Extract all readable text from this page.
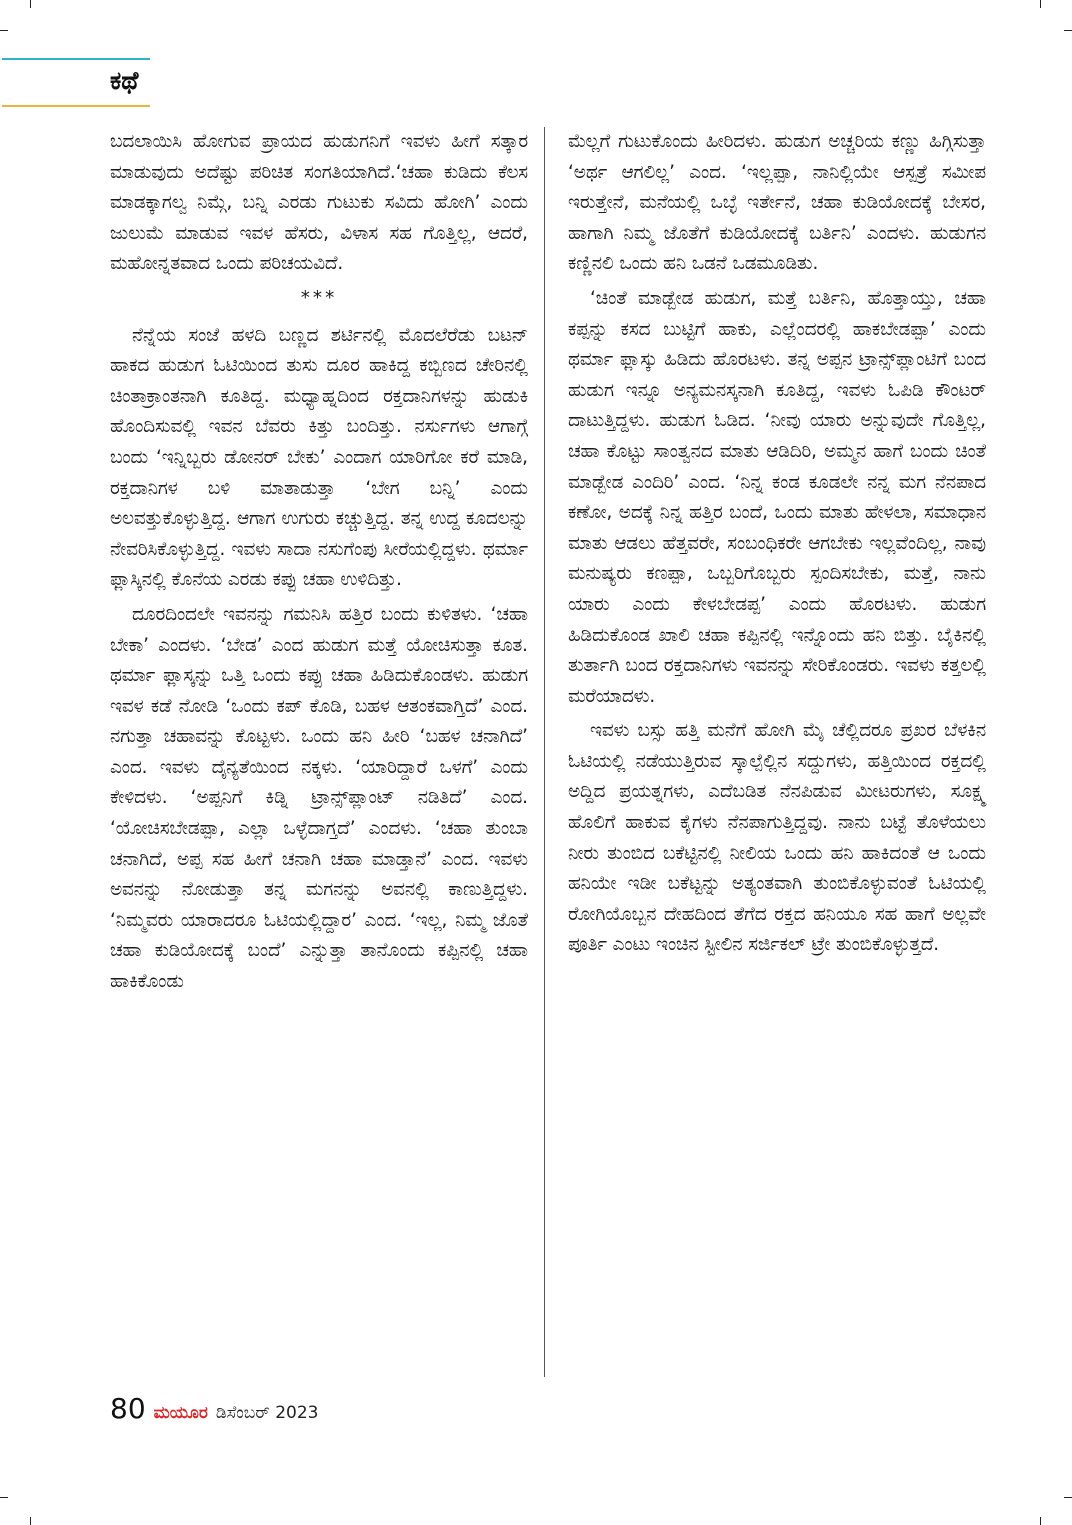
ಕಥೆ

ಬದಲಾಯಿಸಿ ಹೋಗುವ ಪ್ರಾಯದ ಹುಡುಗನಿಗೆ ಇವಳು ಹೀಗೆ ಸತ್ಕಾರ ಮಾಡುವುದು ಅದೆಷ್ಟು ಪರಿಚಿತ ಸಂಗತಿಯಾಗಿದೆ.‘ಚಹಾ ಕುಡಿದು ಕೆಲಸ ಮಾಡಕ್ಕಾಗಲ್ವ ನಿಮ್ಗೆ, ಬನ್ನಿ ಎರಡು ಗುಟುಕು ಸವಿದು ಹೋಗಿ’ ಎಂದು ಜುಲುಮೆ ಮಾಡುವ ಇವಳ ಹೆಸರು, ವಿಳಾಸ ಸಹ ಗೊತ್ತಿಲ್ಲ, ಆದರೆ, ಮಹೋನ್ನತವಾದ ಒಂದು ಪರಿಚಯವಿದೆ.

***

ನೆನ್ನೆಯ ಸಂಜೆ ಹಳದಿ ಬಣ್ಣದ ಶರ್ಟಿನಲ್ಲಿ ಮೊದಲೆರೆಡು ಬಟನ್ ಹಾಕದ ಹುಡುಗ ಓಟಿಯಿಂದ ತುಸು ದೂರ ಹಾಕಿದ್ದ ಕಬ್ಬಿಣದ ಚೇರಿನಲ್ಲಿ ಚಿಂತಾಕ್ರಾಂತನಾಗಿ ಕೂತಿದ್ದ. ಮಧ್ಯಾಹ್ನದಿಂದ ರಕ್ತದಾನಿಗಳನ್ನು ಹುಡುಕಿ ಹೊಂದಿಸುವಲ್ಲಿ ಇವನ ಬೆವರು ಕಿತ್ತು ಬಂದಿತ್ತು. ನರ್ಸುಗಳು ಆಗಾಗ್ಗೆ ಬಂದು ‘ಇನ್ನಿಬ್ಬರು ಡೋನರ್ ಬೇಕು’ ಎಂದಾಗ ಯಾರಿಗೋ ಕರೆ ಮಾಡಿ, ರಕ್ತದಾನಿಗಳ ಬಳಿ ಮಾತಾಡುತ್ತಾ ‘ಬೇಗ ಬನ್ನಿ’ ಎಂದು ಅಲವತ್ತುಕೊಳ್ಳುತ್ತಿದ್ದ. ಆಗಾಗ ಉಗುರು ಕಚ್ಚುತ್ತಿದ್ದ. ತನ್ನ ಉದ್ದ ಕೂದಲನ್ನು ನೇವರಿಸಿಕೊಳ್ಳುತ್ತಿದ್ದ. ಇವಳು ಸಾದಾ ನಸುಗೆಂಪು ಸೀರೆಯಲ್ಲಿದ್ದಳು. ಥರ್ಮಾ ಫ್ಲಾಸ್ಕಿನಲ್ಲಿ ಕೊನೆಯ ಎರಡು ಕಪ್ಪು ಚಹಾ ಉಳಿದಿತ್ತು.

ದೂರದಿಂದಲೇ ಇವನನ್ನು ಗಮನಿಸಿ ಹತ್ತಿರ ಬಂದು ಕುಳಿತಳು. ‘ಚಹಾ ಬೇಕಾ’ ಎಂದಳು. ‘ಬೇಡ’ ಎಂದ ಹುಡುಗ ಮತ್ತೆ ಯೋಚಿಸುತ್ತಾ ಕೂತ. ಥರ್ಮಾ ಫ್ಲಾಸ್ಕನ್ನು ಒತ್ತಿ ಒಂದು ಕಪ್ಪು ಚಹಾ ಹಿಡಿದುಕೊಂಡಳು. ಹುಡುಗ ಇವಳ ಕಡೆ ನೋಡಿ ‘ಒಂದು ಕಪ್ ಕೊಡಿ, ಬಹಳ ಆತಂಕವಾಗ್ತಿದೆ’ ಎಂದ. ನಗುತ್ತಾ ಚಹಾವನ್ನು ಕೊಟ್ಟಳು. ಒಂದು ಹನಿ ಹೀರಿ ‘ಬಹಳ ಚನಾಗಿದೆ’ ಎಂದ. ಇವಳು ದೈನ್ಯತೆಯಿಂದ ನಕ್ಕಳು. ‘ಯಾರಿದ್ದಾರೆ ಒಳಗೆ’ ಎಂದು ಕೇಳಿದಳು. ‘ಅಪ್ಪನಿಗೆ ಕಿಡ್ನಿ ಟ್ರಾನ್ಸ್‌ಪ್ಲಾಂಟ್ ನಡಿತಿದೆ’ ಎಂದ. ‘ಯೋಚಿಸಬೇಡಪ್ಪಾ, ಎಲ್ಲಾ ಒಳ್ಳೆದಾಗ್ತದೆ’ ಎಂದಳು. ‘ಚಹಾ ತುಂಬಾ ಚನಾಗಿದೆ, ಅಪ್ಪ ಸಹ ಹೀಗೆ ಚನಾಗಿ ಚಹಾ ಮಾಡ್ತಾನೆ’ ಎಂದ. ಇವಳು ಅವನನ್ನು ನೋಡುತ್ತಾ ತನ್ನ ಮಗನನ್ನು ಅವನಲ್ಲಿ ಕಾಣುತ್ತಿದ್ದಳು. ‘ನಿಮ್ಮವರು ಯಾರಾದರೂ ಓಟಿಯಲ್ಲಿದ್ದಾರ’ ಎಂದ. ‘ಇಲ್ಲ, ನಿಮ್ಮ ಜೊತೆ ಚಹಾ ಕುಡಿಯೋದಕ್ಕೆ ಬಂದೆ’ ಎನ್ನುತ್ತಾ ತಾನೊಂದು ಕಪ್ಪಿನಲ್ಲಿ ಚಹಾ ಹಾಕಿಕೊಂಡು

ಮೆಲ್ಲಗೆ ಗುಟುಕೊಂದು ಹೀರಿದಳು. ಹುಡುಗ ಅಚ್ಚರಿಯ ಕಣ್ಣು ಹಿಗ್ಗಿಸುತ್ತಾ ‘ಅರ್ಥ ಆಗಲಿಲ್ಲ’ ಎಂದ. ‘ಇಲ್ಲಪ್ಪಾ, ನಾನಿಲ್ಲಿಯೇ ಆಸ್ಪತ್ರೆ ಸಮೀಪ ಇರುತ್ತೇನೆ, ಮನೆಯಲ್ಲಿ ಒಬ್ಳೆ ಇರ್ತೇನೆ, ಚಹಾ ಕುಡಿಯೋದಕ್ಕೆ ಬೇಸರ, ಹಾಗಾಗಿ ನಿಮ್ಮ ಜೊತೆಗೆ ಕುಡಿಯೋದಕ್ಕೆ ಬರ್ತಿನಿ’ ಎಂದಳು. ಹುಡುಗನ ಕಣ್ಣಿನಲಿ ಒಂದು ಹನಿ ಒಡನೆ ಒಡಮೂಡಿತು.

‘ಚಿಂತೆ ಮಾಡ್ಬೇಡ ಹುಡುಗ, ಮತ್ತೆ ಬರ್ತಿನಿ, ಹೊತ್ತಾಯ್ತು, ಚಹಾ ಕಪ್ಪನ್ನು ಕಸದ ಬುಟ್ಟಿಗೆ ಹಾಕು, ಎಲ್ಲೆಂದರಲ್ಲಿ ಹಾಕಬೇಡಪ್ಪಾ’ ಎಂದು ಥರ್ಮಾ ಫ್ಲಾಸ್ಕು ಹಿಡಿದು ಹೊರಟಳು. ತನ್ನ ಅಪ್ಪನ ಟ್ರಾನ್ಸ್‌ಪ್ಲಾಂಟಿಗೆ ಬಂದ ಹುಡುಗ ಇನ್ನೂ ಅನ್ಯಮನಸ್ಕನಾಗಿ ಕೂತಿದ್ದ, ಇವಳು ಓಪಿಡಿ ಕೌಂಟರ್ ದಾಟುತ್ತಿದ್ದಳು. ಹುಡುಗ ಓಡಿದ. ‘ನೀವು ಯಾರು ಅನ್ನುವುದೇ ಗೊತ್ತಿಲ್ಲ, ಚಹಾ ಕೊಟ್ಟು ಸಾಂತ್ವನದ ಮಾತು ಆಡಿದಿರಿ, ಅಮ್ಮನ ಹಾಗೆ ಬಂದು ಚಿಂತೆ ಮಾಡ್ಬೇಡ ಎಂದಿರಿ’ ಎಂದ. ‘ನಿನ್ನ ಕಂಡ ಕೂಡಲೇ ನನ್ನ ಮಗ ನೆನಪಾದ ಕಣೋ, ಅದಕ್ಕೆ ನಿನ್ನ ಹತ್ತಿರ ಬಂದೆ, ಒಂದು ಮಾತು ಹೇಳಲಾ, ಸಮಾಧಾನ ಮಾತು ಆಡಲು ಹೆತ್ತವರೇ, ಸಂಬಂಧಿಕರೇ ಆಗಬೇಕು ಇಲ್ಲವೆಂದಿಲ್ಲ, ನಾವು ಮನುಷ್ಯರು ಕಣಪ್ಪಾ, ಒಬ್ಬರಿಗೊಬ್ಬರು ಸ್ಪಂದಿಸಬೇಕು, ಮತ್ತೆ, ನಾನು ಯಾರು ಎಂದು ಕೇಳಬೇಡಪ್ಪ’ ಎಂದು ಹೊರಟಳು. ಹುಡುಗ ಹಿಡಿದುಕೊಂಡ ಖಾಲಿ ಚಹಾ ಕಪ್ಪಿನಲ್ಲಿ ಇನ್ನೊಂದು ಹನಿ ಬಿತ್ತು. ಬೈಕಿನಲ್ಲಿ ತುರ್ತಾಗಿ ಬಂದ ರಕ್ತದಾನಿಗಳು ಇವನನ್ನು ಸೇರಿಕೊಂಡರು. ಇವಳು ಕತ್ತಲಲ್ಲಿ ಮರೆಯಾದಳು.

ಇವಳು ಬಸ್ಸು ಹತ್ತಿ ಮನೆಗೆ ಹೋಗಿ ಮೈ ಚೆಲ್ಲಿದರೂ ಪ್ರಖರ ಬೆಳಕಿನ ಓಟಿಯಲ್ಲಿ ನಡೆಯುತ್ತಿರುವ ಸ್ಕಾಲ್ಪೆಲ್ಲಿನ ಸದ್ದುಗಳು, ಹತ್ತಿಯಿಂದ ರಕ್ತದಲ್ಲಿ ಅದ್ದಿದ ಪ್ರಯತ್ನಗಳು, ಎದೆಬಡಿತ ನೆನಪಿಡುವ ಮೀಟರುಗಳು, ಸೂಕ್ಷ್ಮ ಹೊಲಿಗೆ ಹಾಕುವ ಕೈಗಳು ನೆನಪಾಗುತ್ತಿದ್ದವು. ನಾನು ಬಟ್ಟೆ ತೊಳೆಯಲು ನೀರು ತುಂಬಿದ ಬಕೆಟ್ಟಿನಲ್ಲಿ ನೀಲಿಯ ಒಂದು ಹನಿ ಹಾಕಿದಂತೆ ಆ ಒಂದು ಹನಿಯೇ ಇಡೀ ಬಕೆಟ್ಟನ್ನು ಅತ್ಯಂತವಾಗಿ ತುಂಬಿಕೊಳ್ಳುವಂತೆ ಓಟಿಯಲ್ಲಿ ರೋಗಿಯೊಬ್ಬನ ದೇಹದಿಂದ ತೆಗೆದ ರಕ್ತದ ಹನಿಯೂ ಸಹ ಹಾಗೆ ಅಲ್ಲವೇ ಪೂರ್ತಿ ಎಂಟು ಇಂಚಿನ ಸ್ಟೀಲಿನ ಸರ್ಜಿಕಲ್ ಟ್ರೇ ತುಂಬಿಕೊಳ್ಳುತ್ತದೆ.

80 ಮಯೂರ ಡಿಸೆಂಬರ್ 2023
